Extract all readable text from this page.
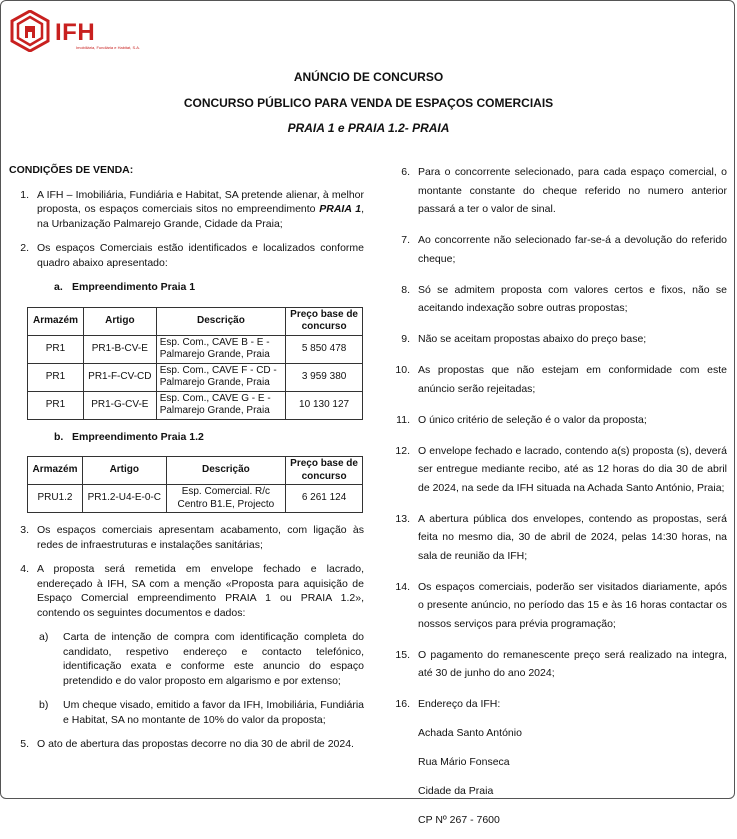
IFH
Imobiliária, Fundiária e Habitat, S.A.
ANÚNCIO DE CONCURSO
CONCURSO PÚBLICO PARA VENDA DE ESPAÇOS COMERCIAIS
PRAIA 1 e PRAIA 1.2- PRAIA
CONDIÇÕES DE VENDA:
1. A IFH – Imobiliária, Fundiária e Habitat, SA pretende alienar, à melhor proposta, os espaços comerciais sitos no empreendimento PRAIA 1, na Urbanização Palmarejo Grande, Cidade da Praia;
2. Os espaços Comerciais estão identificados e localizados conforme quadro abaixo apresentado:
a. Empreendimento Praia 1
Armazém	Artigo	Descrição	Preço base de concurso
PR1	PR1-B-CV-E	Esp. Com., CAVE B - E - Palmarejo Grande, Praia	5 850 478
PR1	PR1-F-CV-CD	Esp. Com., CAVE F - CD - Palmarejo Grande, Praia	3 959 380
PR1	PR1-G-CV-E	Esp. Com., CAVE G - E - Palmarejo Grande, Praia	10 130 127
b. Empreendimento Praia 1.2
Armazém	Artigo	Descrição	Preço base de concurso
PRU1.2	PR1.2-U4-E-0-C	Esp. Comercial. R/c Centro B1.E, Projecto	6 261 124
3. Os espaços comerciais apresentam acabamento, com ligação às redes de infraestruturas e instalações sanitárias;
4. A proposta será remetida em envelope fechado e lacrado, endereçado à IFH, SA com a menção «Proposta para aquisição de Espaço Comercial empreendimento PRAIA 1 ou PRAIA 1.2», contendo os seguintes documentos e dados:
a)	Carta de intenção de compra com identificação completa do candidato, respetivo endereço e contacto telefónico, identificação exata e conforme este anuncio do espaço pretendido e do valor proposto em algarismo e por extenso;
b)	Um cheque visado, emitido a favor da IFH, Imobiliária, Fundiária e Habitat, SA no montante de 10% do valor da proposta;
5. O ato de abertura das propostas decorre no dia 30 de abril de 2024.
6. Para o concorrente selecionado, para cada espaço comercial, o montante constante do cheque referido no numero anterior passará a ter o valor de sinal.
7. Ao concorrente não selecionado far-se-á a devolução do referido cheque;
8. Só se admitem proposta com valores certos e fixos, não se aceitando indexação sobre outras propostas;
9. Não se aceitam propostas abaixo do preço base;
10. As propostas que não estejam em conformidade com este anúncio serão rejeitadas;
11. O único critério de seleção é o valor da proposta;
12. O envelope fechado e lacrado, contendo a(s) proposta (s), deverá ser entregue mediante recibo, até as 12 horas do dia 30 de abril de 2024, na sede da IFH situada na Achada Santo António, Praia;
13. A abertura pública dos envelopes, contendo as propostas, será feita no mesmo dia, 30 de abril de 2024, pelas 14:30 horas, na sala de reunião da IFH;
14. Os espaços comerciais, poderão ser visitados diariamente, após o presente anúncio, no período das 15 e às 16 horas contactar os nossos serviços para prévia programação;
15. O pagamento do remanescente preço será realizado na integra, até 30 de junho do ano 2024;
16. Endereço da IFH:
Achada Santo António
Rua Mário Fonseca
Cidade da Praia
CP Nº 267 - 7600
